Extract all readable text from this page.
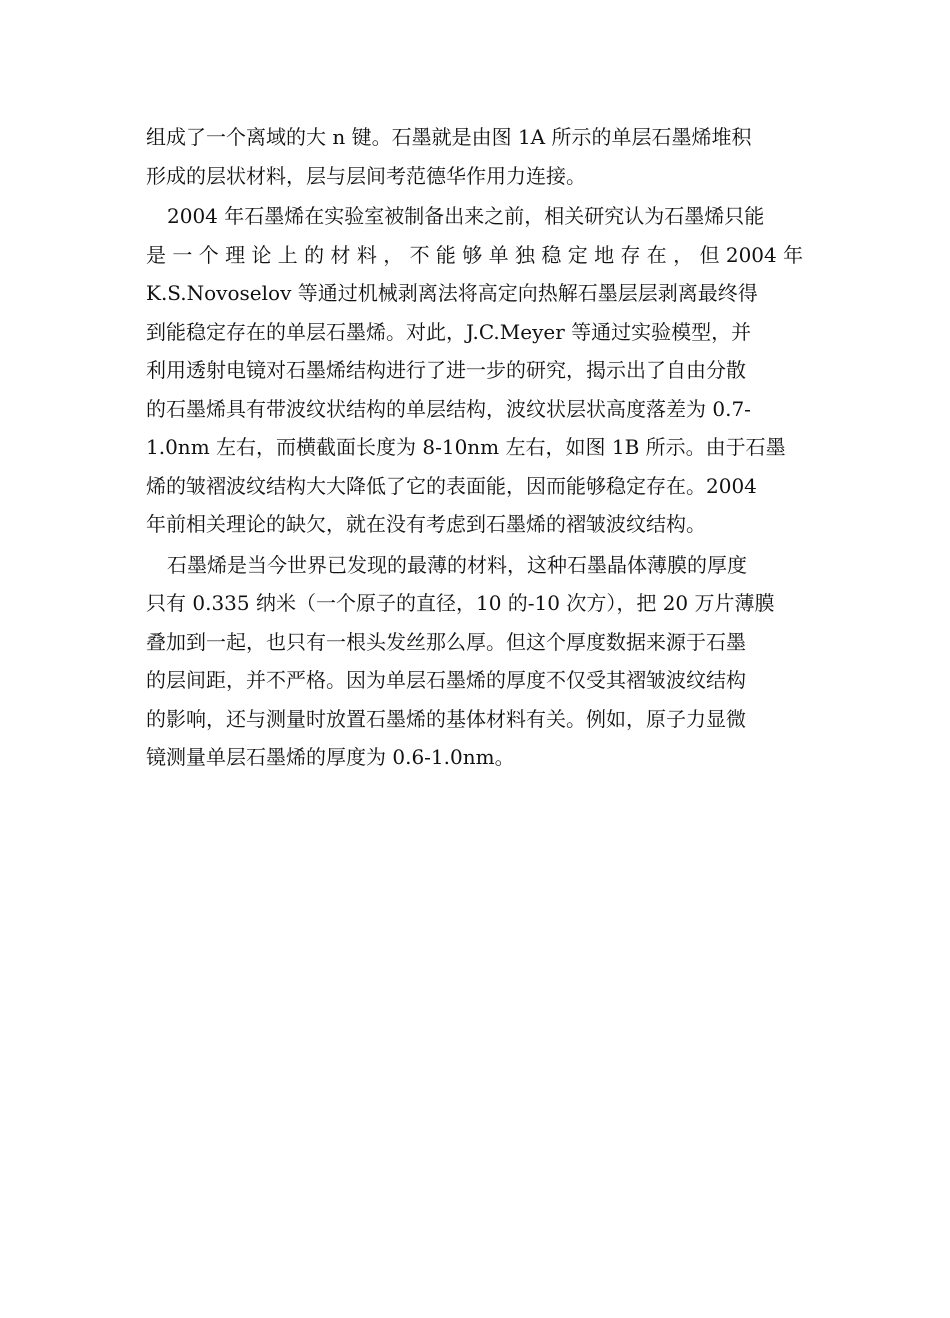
组成了一个离域的大 n 键。石墨就是由图 1A 所示的单层石墨烯堆积
形成的层状材料，层与层间考范德华作用力连接。

2004 年石墨烯在实验室被制备出来之前，相关研究认为石墨烯只能
是 一 个 理 论 上 的 材 料 ， 不 能 够 单 独 稳 定 地 存 在 ， 但 2004 年
K.S.Novoselov 等通过机械剥离法将高定向热解石墨层层剥离最终得
到能稳定存在的单层石墨烯。对此，J.C.Meyer 等通过实验模型，并
利用透射电镜对石墨烯结构进行了进一步的研究，揭示出了自由分散
的石墨烯具有带波纹状结构的单层结构，波纹状层状高度落差为 0.7-
1.0nm 左右，而横截面长度为 8-10nm 左右，如图 1B 所示。由于石墨
烯的皱褶波纹结构大大降低了它的表面能，因而能够稳定存在。2004
年前相关理论的缺欠，就在没有考虑到石墨烯的褶皱波纹结构。

石墨烯是当今世界已发现的最薄的材料，这种石墨晶体薄膜的厚度
只有 0.335 纳米（一个原子的直径，10 的-10 次方），把 20 万片薄膜
叠加到一起，也只有一根头发丝那么厚。但这个厚度数据来源于石墨
的层间距，并不严格。因为单层石墨烯的厚度不仅受其褶皱波纹结构
的影响，还与测量时放置石墨烯的基体材料有关。例如，原子力显微
镜测量单层石墨烯的厚度为 0.6-1.0nm。
